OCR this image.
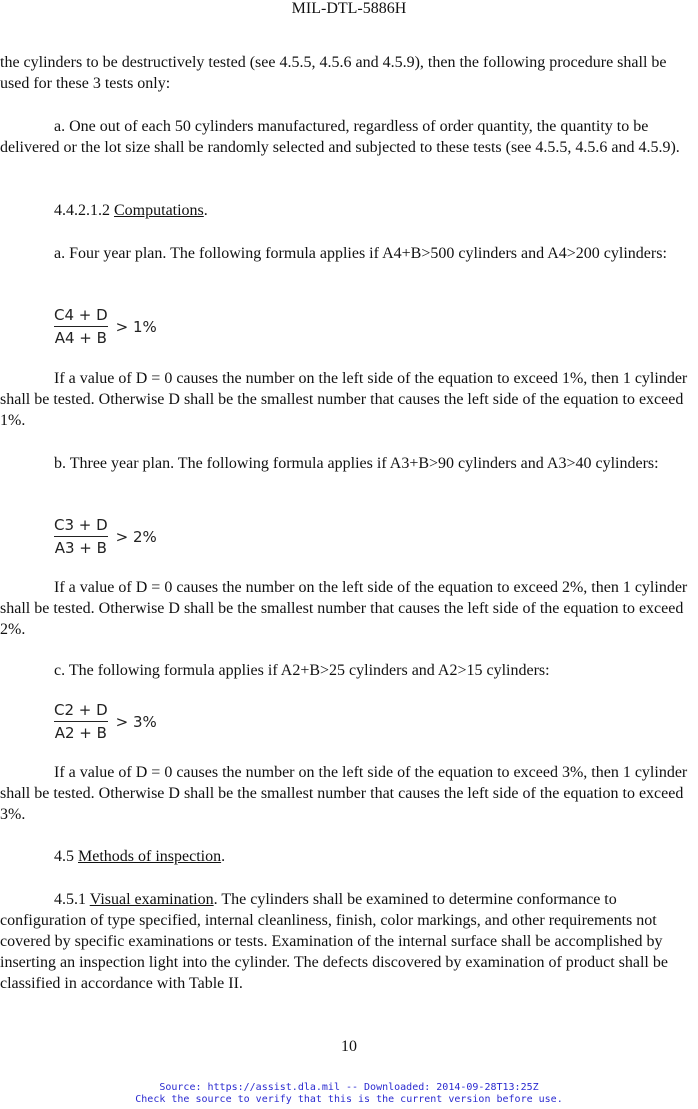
MIL-DTL-5886H

the cylinders to be destructively tested (see 4.5.5, 4.5.6 and 4.5.9), then the following procedure shall be used for these 3 tests only:

a. One out of each 50 cylinders manufactured, regardless of order quantity, the quantity to be delivered or the lot size shall be randomly selected and subjected to these tests (see 4.5.5, 4.5.6 and 4.5.9).

4.4.2.1.2 Computations.

a. Four year plan. The following formula applies if A4+B>500 cylinders and A4>200 cylinders:

$\frac{C4 + D}{A4 + B} > 1\%$

If a value of D = 0 causes the number on the left side of the equation to exceed 1%, then 1 cylinder shall be tested. Otherwise D shall be the smallest number that causes the left side of the equation to exceed 1%.

b. Three year plan. The following formula applies if A3+B>90 cylinders and A3>40 cylinders:

$\frac{C3 + D}{A3 + B} > 2\%$

If a value of D = 0 causes the number on the left side of the equation to exceed 2%, then 1 cylinder shall be tested. Otherwise D shall be the smallest number that causes the left side of the equation to exceed 2%.

c. The following formula applies if A2+B>25 cylinders and A2>15 cylinders:

$\frac{C2 + D}{A2 + B} > 3\%$

If a value of D = 0 causes the number on the left side of the equation to exceed 3%, then 1 cylinder shall be tested. Otherwise D shall be the smallest number that causes the left side of the equation to exceed 3%.

4.5 Methods of inspection.

4.5.1 Visual examination. The cylinders shall be examined to determine conformance to configuration of type specified, internal cleanliness, finish, color markings, and other requirements not covered by specific examinations or tests. Examination of the internal surface shall be accomplished by inserting an inspection light into the cylinder. The defects discovered by examination of product shall be classified in accordance with Table II.

10
Source: https://assist.dla.mil -- Downloaded: 2014-09-28T13:25Z
Check the source to verify that this is the current version before use.
